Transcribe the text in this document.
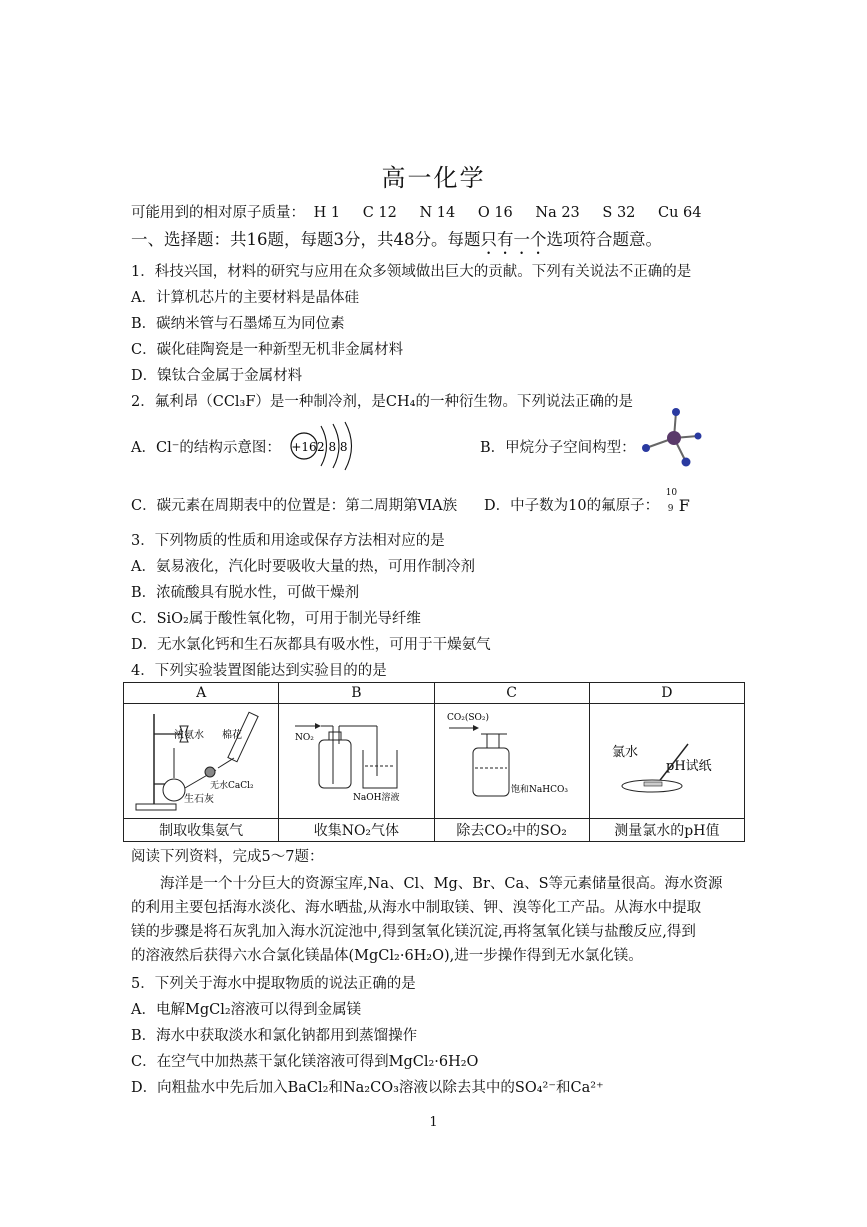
高一化学
可能用到的相对原子质量： H 1 C 12 N 14 O 16 Na 23 S 32 Cu 64
一、选择题：共16题，每题3分，共48分。每题只有一个选项符合题意。
1．科技兴国，材料的研究与应用在众多领域做出巨大的贡献。下列有关说法不正确的是
A．计算机芯片的主要材料是晶体硅
B．碳纳米管与石墨烯互为同位素
C．碳化硅陶瓷是一种新型无机非金属材料
D．镍钛合金属于金属材料
2．氟利昂（CCl₃F）是一种制冷剂，是CH₄的一种衍生物。下列说法正确的是
A．Cl⁻的结构示意图： +16 2 8 8	B．甲烷分子空间构型：
C．碳元素在周期表中的位置是：第二周期第ⅥA族 D．中子数为10的氟原子：
10
9 F
3．下列物质的性质和用途或保存方法相对应的是
A．氨易液化，汽化时要吸收大量的热，可用作制冷剂
B．浓硫酸具有脱水性，可做干燥剂
C．SiO₂属于酸性氧化物，可用于制光导纤维
D．无水氯化钙和生石灰都具有吸水性，可用于干燥氨气
4．下列实验装置图能达到实验目的的是
A	B	C	D

浓氨水 棉花
无水CaCl₂
生石灰	NO₂
NaOH溶液	CO₂(SO₂)
饱和NaHCO₃	氯水
pH试纸

制取收集氨气	收集NO₂气体	除去CO₂中的SO₂	测量氯水的pH值
阅读下列资料，完成5～7题：
海洋是一个十分巨大的资源宝库,Na、Cl、Mg、Br、Ca、S等元素储量很高。海水资源
的利用主要包括海水淡化、海水晒盐,从海水中制取镁、钾、溴等化工产品。从海水中提取
镁的步骤是将石灰乳加入海水沉淀池中,得到氢氧化镁沉淀,再将氢氧化镁与盐酸反应,得到
的溶液然后获得六水合氯化镁晶体(MgCl₂·6H₂O),进一步操作得到无水氯化镁。
5．下列关于海水中提取物质的说法正确的是
A．电解MgCl₂溶液可以得到金属镁
B．海水中获取淡水和氯化钠都用到蒸馏操作
C．在空气中加热蒸干氯化镁溶液可得到MgCl₂·6H₂O
D．向粗盐水中先后加入BaCl₂和Na₂CO₃溶液以除去其中的SO₄²⁻和Ca²⁺
1
